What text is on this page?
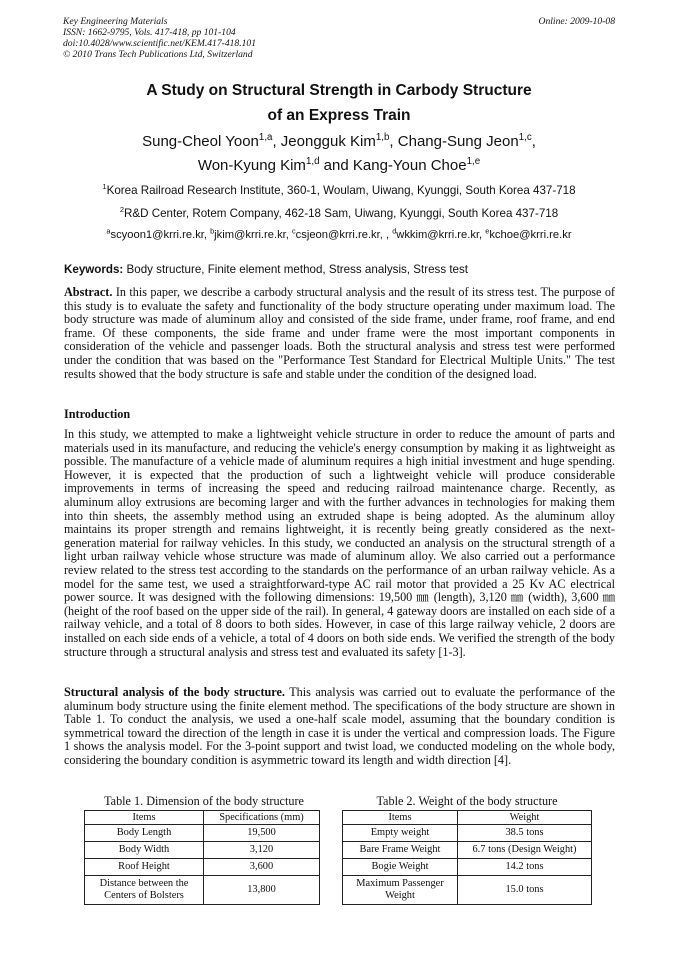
Key Engineering Materials
ISSN: 1662-9795, Vols. 417-418, pp 101-104
doi:10.4028/www.scientific.net/KEM.417-418.101
© 2010 Trans Tech Publications Ltd, Switzerland
Online: 2009-10-08
A Study on Structural Strength in Carbody Structure
of an Express Train
Sung-Cheol Yoon$^{1,a}$, Jeongguk Kim$^{1,b}$, Chang-Sung Jeon$^{1,c}$,
Won-Kyung Kim$^{1,d}$ and Kang-Youn Choe$^{1,e}$
$^1$Korea Railroad Research Institute, 360-1, Woulam, Uiwang, Kyunggi, South Korea 437-718
$^2$R&D Center, Rotem Company, 462-18 Sam, Uiwang, Kyunggi, South Korea 437-718
$^a$scyoon1@krri.re.kr, $^b$jkim@krri.re.kr, $^c$csjeon@krri.re.kr, , $^d$wkkim@krri.re.kr, $^e$kchoe@krri.re.kr
Keywords: Body structure, Finite element method, Stress analysis, Stress test
Abstract. In this paper, we describe a carbody structural analysis and the result of its stress test. The purpose of this study is to evaluate the safety and functionality of the body structure operating under maximum load. The body structure was made of aluminum alloy and consisted of the side frame, under frame, roof frame, and end frame. Of these components, the side frame and under frame were the most important components in consideration of the vehicle and passenger loads. Both the structural analysis and stress test were performed under the condition that was based on the "Performance Test Standard for Electrical Multiple Units." The test results showed that the body structure is safe and stable under the condition of the designed load.
Introduction
In this study, we attempted to make a lightweight vehicle structure in order to reduce the amount of parts and materials used in its manufacture, and reducing the vehicle's energy consumption by making it as lightweight as possible. The manufacture of a vehicle made of aluminum requires a high initial investment and huge spending. However, it is expected that the production of such a lightweight vehicle will produce considerable improvements in terms of increasing the speed and reducing railroad maintenance charge. Recently, as aluminum alloy extrusions are becoming larger and with the further advances in technologies for making them into thin sheets, the assembly method using an extruded shape is being adopted. As the aluminum alloy maintains its proper strength and remains lightweight, it is recently being greatly considered as the next-generation material for railway vehicles. In this study, we conducted an analysis on the structural strength of a light urban railway vehicle whose structure was made of aluminum alloy. We also carried out a performance review related to the stress test according to the standards on the performance of an urban railway vehicle. As a model for the same test, we used a straightforward-type AC rail motor that provided a 25 Kv AC electrical power source. It was designed with the following dimensions: 19,500 ㎜ (length), 3,120 ㎜ (width), 3,600 ㎜ (height of the roof based on the upper side of the rail). In general, 4 gateway doors are installed on each side of a railway vehicle, and a total of 8 doors to both sides. However, in case of this large railway vehicle, 2 doors are installed on each side ends of a vehicle, a total of 4 doors on both side ends. We verified the strength of the body structure through a structural analysis and stress test and evaluated its safety [1-3].
Structural analysis of the body structure. This analysis was carried out to evaluate the performance of the aluminum body structure using the finite element method. The specifications of the body structure are shown in Table 1. To conduct the analysis, we used a one-half scale model, assuming that the boundary condition is symmetrical toward the direction of the length in case it is under the vertical and compression loads. The Figure 1 shows the analysis model. For the 3-point support and twist load, we conducted modeling on the whole body, considering the boundary condition is asymmetric toward its length and width direction [4].
Table 1. Dimension of the body structure
Items	Specifications (mm)
Body Length	19,500
Body Width	3,120
Roof Height	3,600
Distance between the Centers of Bolsters	13,800
Table 2. Weight of the body structure
Items	Weight
Empty weight	38.5 tons
Bare Frame Weight	6.7 tons (Design Weight)
Bogie Weight	14.2 tons
Maximum Passenger Weight	15.0 tons
